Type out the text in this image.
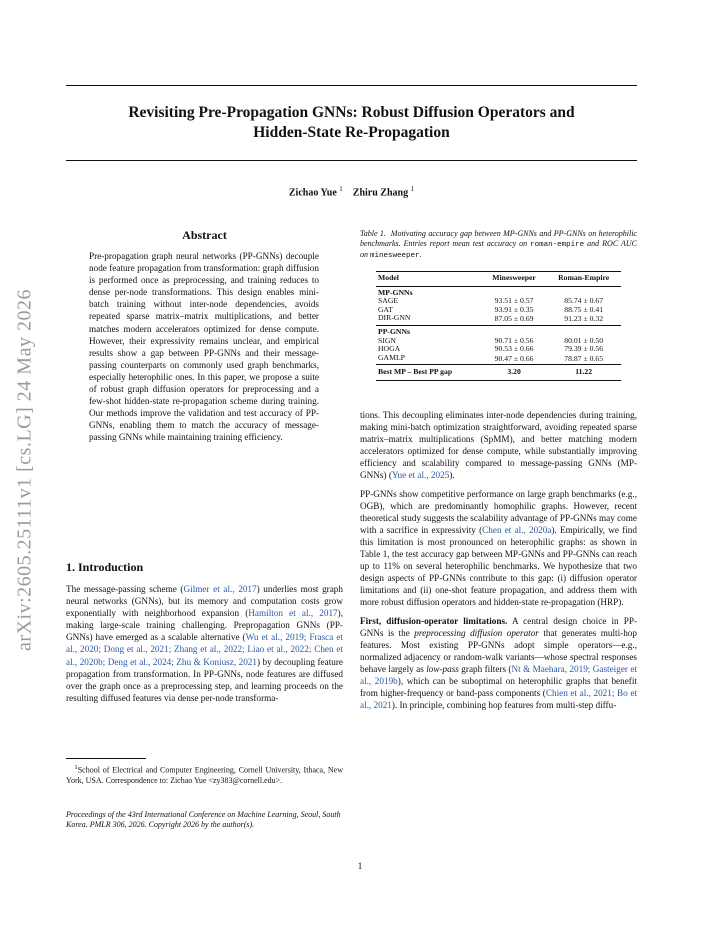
arXiv:2605.25111v1 [cs.LG] 24 May 2026
Revisiting Pre-Propagation GNNs: Robust Diffusion Operators and
Hidden-State Re-Propagation
Zichao Yue $^1$ Zhiru Zhang $^1$
Abstract
Pre-propagation graph neural networks (PP-GNNs) decouple node feature propagation from transformation: graph diffusion is performed once as preprocessing, and training reduces to dense per-node transformations. This design enables mini-batch training without inter-node dependencies, avoids repeated sparse matrix–matrix multiplications, and better matches modern accelerators optimized for dense compute. However, their expressivity remains unclear, and empirical results show a gap between PP-GNNs and their message-passing counterparts on commonly used graph benchmarks, especially heterophilic ones. In this paper, we propose a suite of robust graph diffusion operators for preprocessing and a few-shot hidden-state re-propagation scheme during training. Our methods improve the validation and test accuracy of PP-GNNs, enabling them to match the accuracy of message-passing GNNs while maintaining training efficiency.
1. Introduction

The message-passing scheme (Gilmer et al., 2017) underlies most graph neural networks (GNNs), but its memory and computation costs grow exponentially with neighborhood expansion (Hamilton et al., 2017), making large-scale training challenging. Prepropagation GNNs (PP-GNNs) have emerged as a scalable alternative (Wu et al., 2019; Frasca et al., 2020; Dong et al., 2021; Zhang et al., 2022; Liao et al., 2022; Chen et al., 2020b; Deng et al., 2024; Zhu & Koniusz, 2021) by decoupling feature propagation from transformation. In PP-GNNs, node features are diffused over the graph once as a preprocessing step, and learning proceeds on the resulting diffused features via dense per-node transforma-

$^1$School of Electrical and Computer Engineering, Cornell University, Ithaca, New York, USA. Correspondence to: Zichao Yue <zy383@cornell.edu>.
Proceedings of the 43rd International Conference on Machine Learning, Seoul, South Korea. PMLR 306, 2026. Copyright 2026 by the author(s).
Table 1. Motivating accuracy gap between MP-GNNs and PP-GNNs on heterophilic benchmarks. Entries report mean test accuracy on roman-empire and ROC AUC on minesweeper.
Model	Minesweeper	Roman-Empire
MP-GNNs		
SAGE	93.51 ± 0.57	85.74 ± 0.67
GAT	93.91 ± 0.35	88.75 ± 0.41
DIR-GNN	87.05 ± 0.69	91.23 ± 0.32
PP-GNNs		
SIGN	90.71 ± 0.56	80.01 ± 0.50
HOGA	90.53 ± 0.66	79.39 ± 0.56
GAMLP	90.47 ± 0.66	78.87 ± 0.65
Best MP – Best PP gap	3.20	11.22

tions. This decoupling eliminates inter-node dependencies during training, making mini-batch optimization straightforward, avoiding repeated sparse matrix–matrix multiplications (SpMM), and better matching modern accelerators optimized for dense compute, while substantially improving efficiency and scalability compared to message-passing GNNs (MP-GNNs) (Yue et al., 2025).

PP-GNNs show competitive performance on large graph benchmarks (e.g., OGB), which are predominantly homophilic graphs. However, recent theoretical study suggests the scalability advantage of PP-GNNs may come with a sacrifice in expressivity (Chen et al., 2020a). Empirically, we find this limitation is most pronounced on heterophilic graphs: as shown in Table 1, the test accuracy gap between MP-GNNs and PP-GNNs can reach up to 11% on several heterophilic benchmarks. We hypothesize that two design aspects of PP-GNNs contribute to this gap: (i) diffusion operator limitations and (ii) one-shot feature propagation, and address them with more robust diffusion operators and hidden-state re-propagation (HRP).

First, diffusion-operator limitations. A central design choice in PP-GNNs is the preprocessing diffusion operator that generates multi-hop features. Most existing PP-GNNs adopt simple operators—e.g., normalized adjacency or random-walk variants—whose spectral responses behave largely as low-pass graph filters (Nt & Maehara, 2019; Gasteiger et al., 2019b), which can be suboptimal on heterophilic graphs that benefit from higher-frequency or band-pass components (Chien et al., 2021; Bo et al., 2021). In principle, combining hop features from multi-step diffu-

1
